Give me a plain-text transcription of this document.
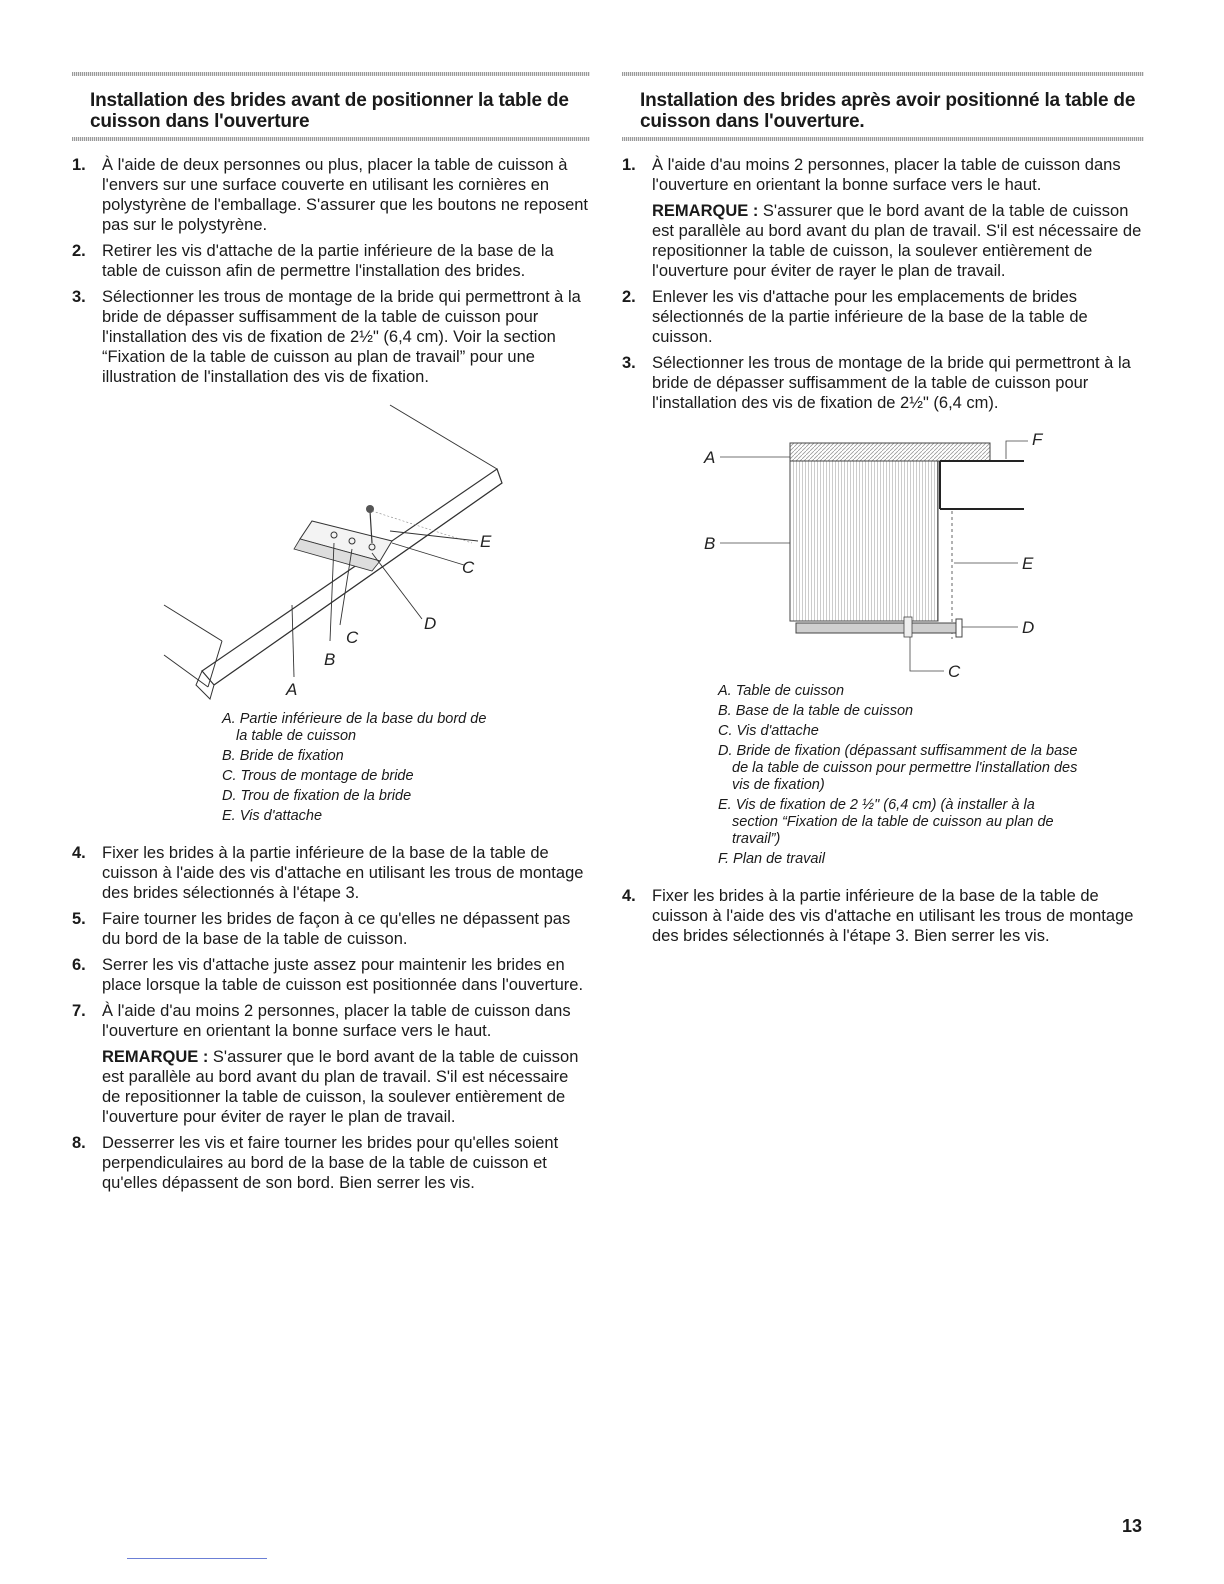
Installation des brides avant de positionner la table de cuisson dans l'ouverture
1. À l'aide de deux personnes ou plus, placer la table de cuisson à l'envers sur une surface couverte en utilisant les cornières en polystyrène de l'emballage. S'assurer que les boutons ne reposent pas sur le polystyrène.

2. Retirer les vis d'attache de la partie inférieure de la base de la table de cuisson afin de permettre l'installation des brides.

3. Sélectionner les trous de montage de la bride qui permettront à la bride de dépasser suffisamment de la table de cuisson pour l'installation des vis de fixation de 2½" (6,4 cm). Voir la section “Fixation de la table de cuisson au plan de travail” pour une illustration de l'installation des vis de fixation.

E
C
D
C
B
A
A. Partie inférieure de la base du bord de la table de cuisson
B. Bride de fixation
C. Trous de montage de bride
D. Trou de fixation de la bride
E. Vis d'attache
4. Fixer les brides à la partie inférieure de la base de la table de cuisson à l'aide des vis d'attache en utilisant les trous de montage des brides sélectionnés à l'étape 3.

5. Faire tourner les brides de façon à ce qu'elles ne dépassent pas du bord de la base de la table de cuisson.

6. Serrer les vis d'attache juste assez pour maintenir les brides en place lorsque la table de cuisson est positionnée dans l'ouverture.

7. À l'aide d'au moins 2 personnes, placer la table de cuisson dans l'ouverture en orientant la bonne surface vers le haut.

REMARQUE : S'assurer que le bord avant de la table de cuisson est parallèle au bord avant du plan de travail. S'il est nécessaire de repositionner la table de cuisson, la soulever entièrement de l'ouverture pour éviter de rayer le plan de travail.

8. Desserrer les vis et faire tourner les brides pour qu'elles soient perpendiculaires au bord de la base de la table de cuisson et qu'elles dépassent de son bord. Bien serrer les vis.

Installation des brides après avoir positionné la table de cuisson dans l'ouverture.
1. À l'aide d'au moins 2 personnes, placer la table de cuisson dans l'ouverture en orientant la bonne surface vers le haut.

REMARQUE : S'assurer que le bord avant de la table de cuisson est parallèle au bord avant du plan de travail. S'il est nécessaire de repositionner la table de cuisson, la soulever entièrement de l'ouverture pour éviter de rayer le plan de travail.

2. Enlever les vis d'attache pour les emplacements de brides sélectionnés de la partie inférieure de la base de la table de cuisson.

3. Sélectionner les trous de montage de la bride qui permettront à la bride de dépasser suffisamment de la table de cuisson pour l'installation des vis de fixation de 2½" (6,4 cm).

A
B
F
E
D
C
A. Table de cuisson
B. Base de la table de cuisson
C. Vis d'attache
D. Bride de fixation (dépassant suffisamment de la base de la table de cuisson pour permettre l'installation des vis de fixation)
E. Vis de fixation de 2 ½" (6,4 cm) (à installer à la section “Fixation de la table de cuisson au plan de travail”)
F. Plan de travail
4. Fixer les brides à la partie inférieure de la base de la table de cuisson à l'aide des vis d'attache en utilisant les trous de montage des brides sélectionnés à l'étape 3. Bien serrer les vis.

13
